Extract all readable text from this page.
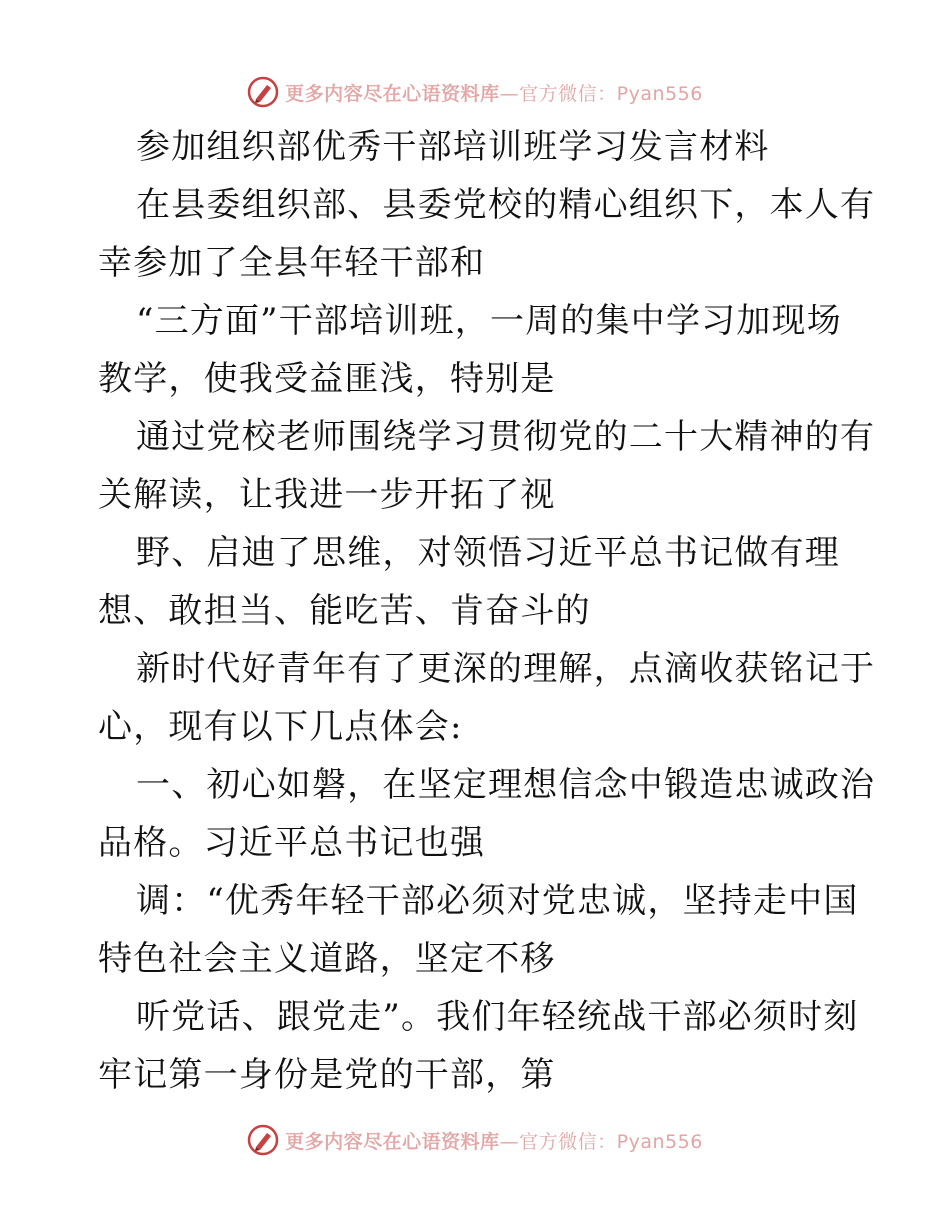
更多内容尽在心语资料库 —官方微信：Pyan556
参加组织部优秀干部培训班学习发言材料
在县委组织部、县委党校的精心组织下，本人有
幸参加了全县年轻干部和
“三方面”干部培训班，一周的集中学习加现场
教学，使我受益匪浅，特别是
通过党校老师围绕学习贯彻党的二十大精神的有
关解读，让我进一步开拓了视
野、启迪了思维，对领悟习近平总书记做有理
想、敢担当、能吃苦、肯奋斗的
新时代好青年有了更深的理解，点滴收获铭记于
心，现有以下几点体会:
一、初心如磐，在坚定理想信念中锻造忠诚政治
品格。习近平总书记也强
调：“优秀年轻干部必须对党忠诚，坚持走中国
特色社会主义道路，坚定不移
听党话、跟党走”。我们年轻统战干部必须时刻
牢记第一身份是党的干部，第
更多内容尽在心语资料库 —官方微信：Pyan556
